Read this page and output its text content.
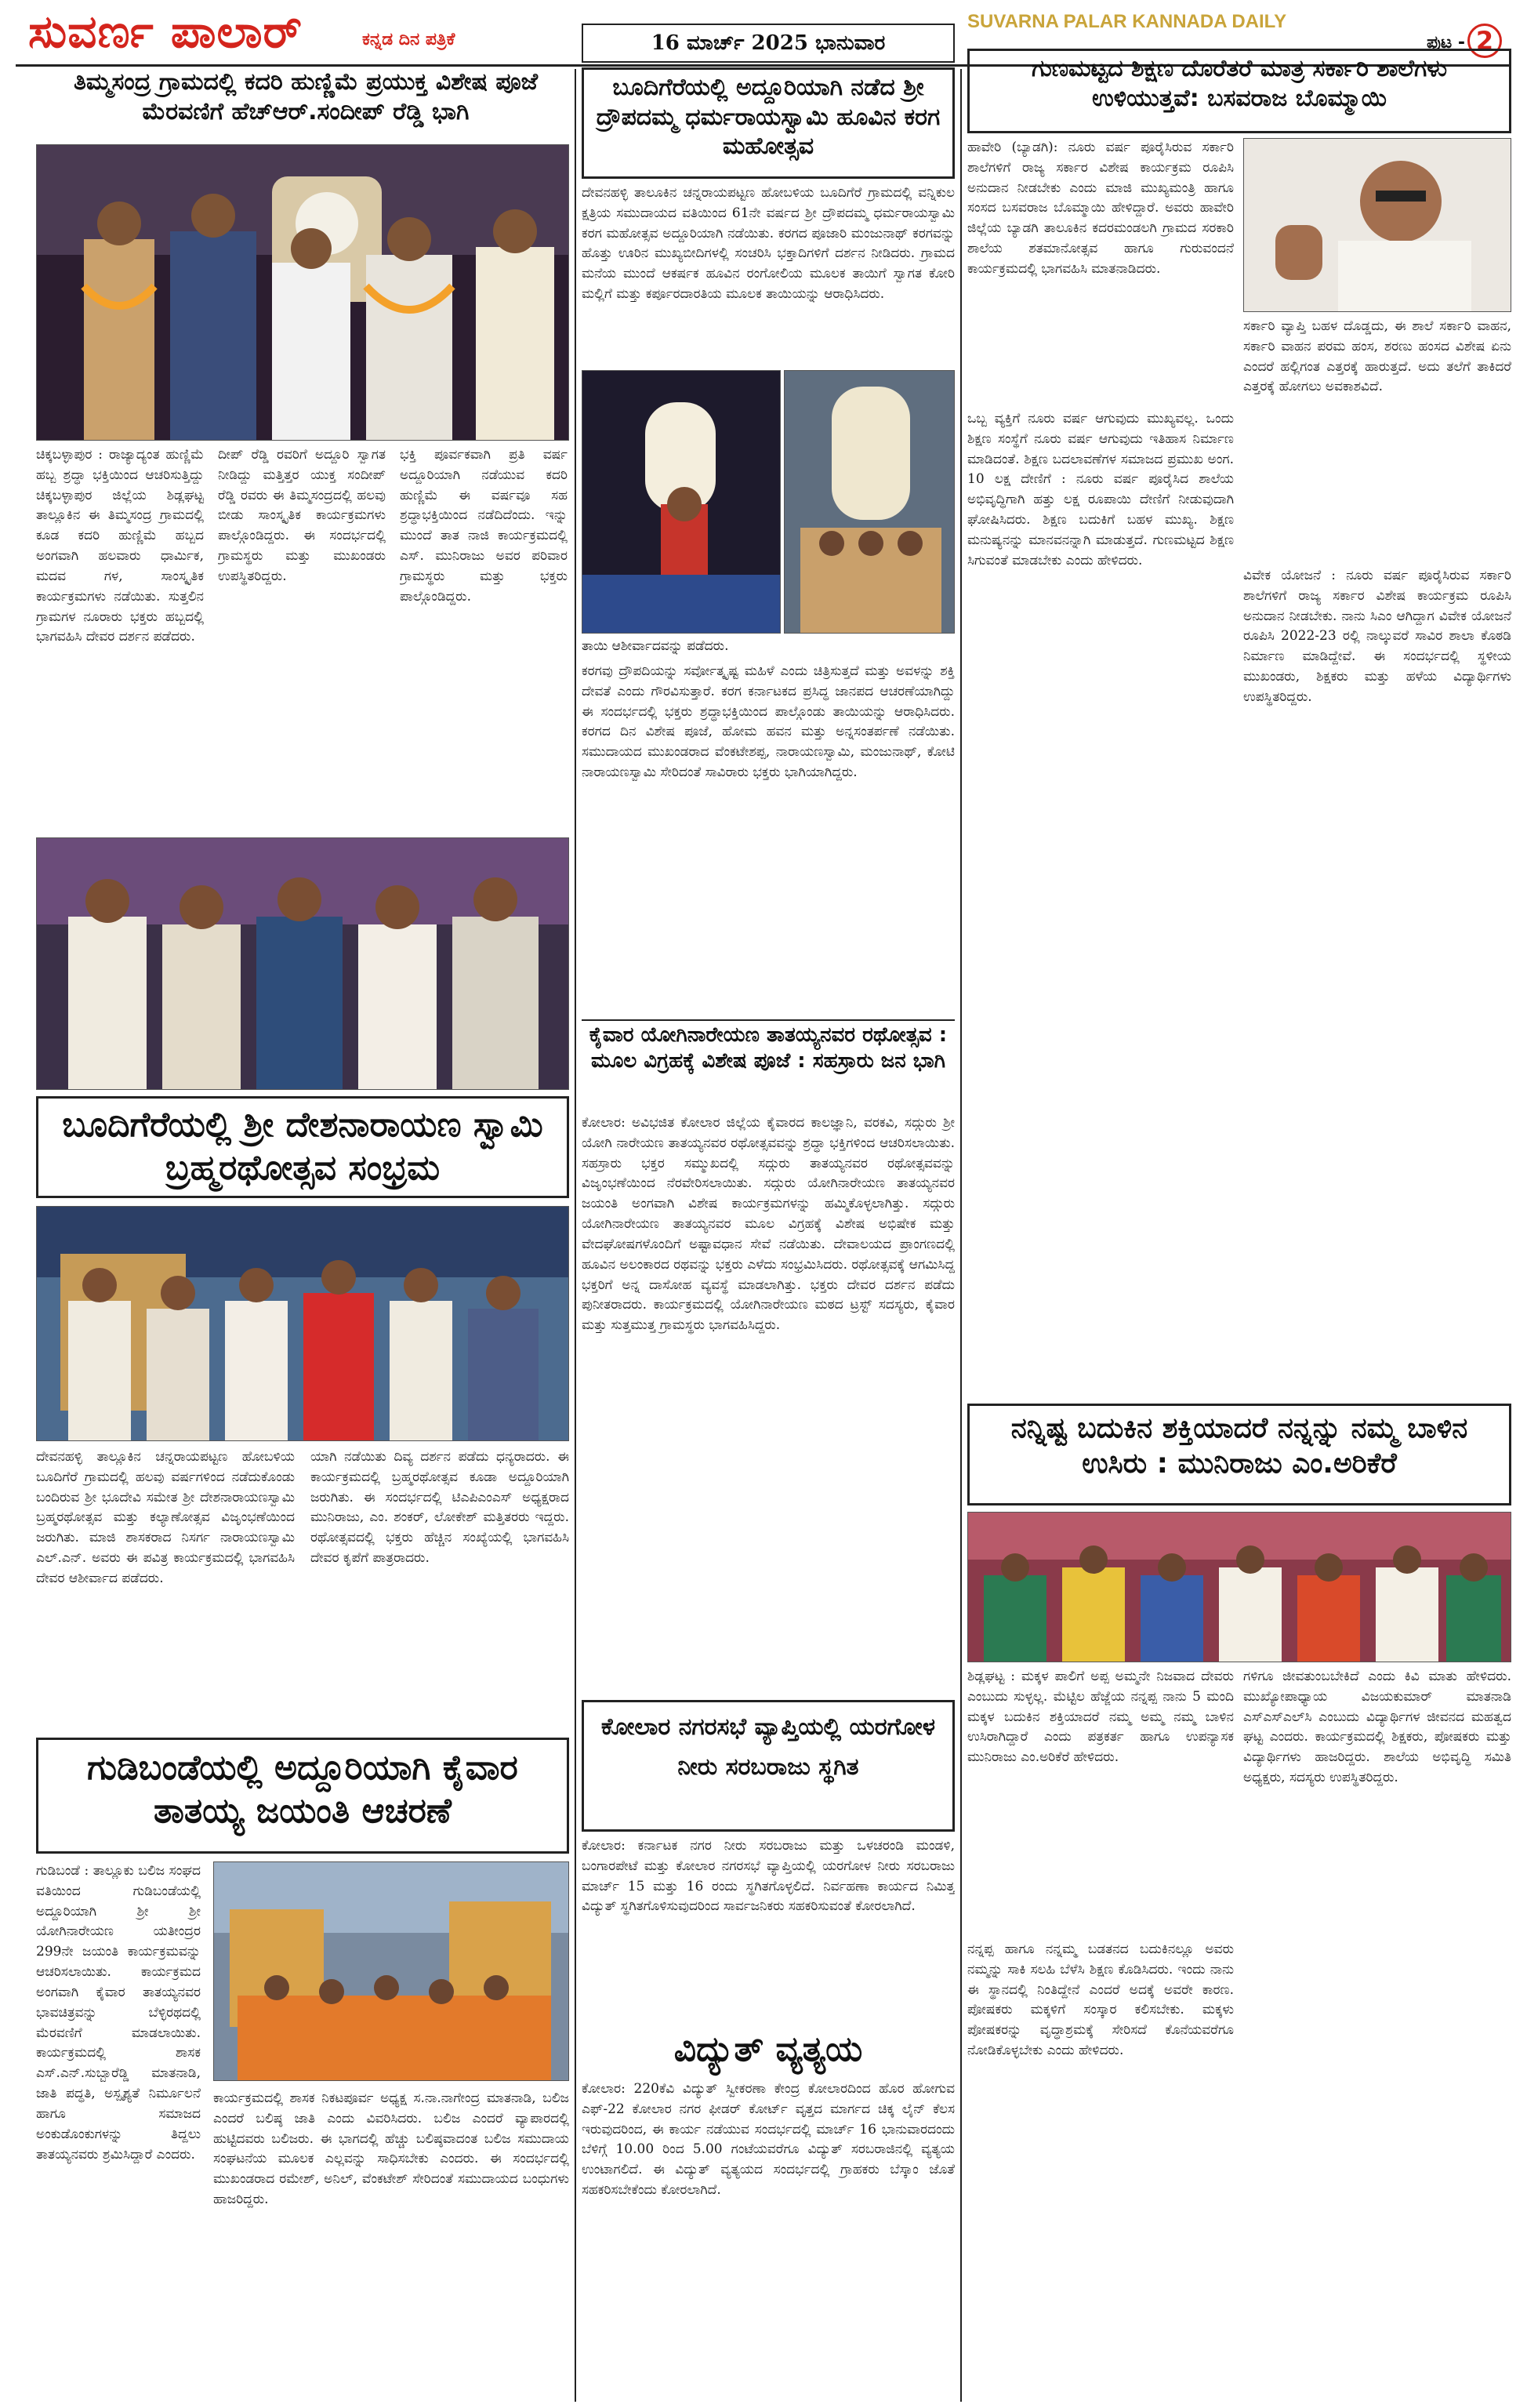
ಸುವರ್ಣ ಪಾಲಾರ್	ಕನ್ನಡ ದಿನ ಪತ್ರಿಕೆ	16 ಮಾರ್ಚ್ 2025 ಭಾನುವಾರ
SUVARNA PALAR KANNADA DAILY
ಪುಟ - 2
ತಿಮ್ಮಸಂದ್ರ ಗ್ರಾಮದಲ್ಲಿ ಕದರಿ ಹುಣ್ಣಿಮೆ ಪ್ರಯುಕ್ತ ವಿಶೇಷ ಪೂಜೆ ಮೆರವಣಿಗೆ ಹೆಚ್‌ಆರ್.ಸಂದೀಪ್ ರೆಡ್ಡಿ ಭಾಗಿ
ಚಿಕ್ಕಬಳ್ಳಾಪುರ : ರಾಜ್ಯಾದ್ಯಂತ ಹುಣ್ಣಿಮೆ ಹಬ್ಬ ಶ್ರದ್ಧಾ ಭಕ್ತಿಯಿಂದ ಆಚರಿಸುತ್ತಿದ್ದು ಚಿಕ್ಕಬಳ್ಳಾಪುರ ಜಿಲ್ಲೆಯ ಶಿಡ್ಲಘಟ್ಟ ತಾಲ್ಲೂಕಿನ ಈ ತಿಮ್ಮಸಂದ್ರ ಗ್ರಾಮದಲ್ಲಿ ಕೂಡ ಕದರಿ ಹುಣ್ಣಿಮೆ ಹಬ್ಬದ ಅಂಗವಾಗಿ ಹಲವಾರು ಧಾರ್ಮಿಕ, ಮದವ ಗಳ, ಸಾಂಸ್ಕೃತಿಕ ಕಾರ್ಯಕ್ರಮಗಳು ನಡೆಯಿತು. ಸುತ್ತಲಿನ ಗ್ರಾಮಗಳ ನೂರಾರು ಭಕ್ತರು ಹಬ್ಬದಲ್ಲಿ ಭಾಗವಹಿಸಿ ದೇವರ ದರ್ಶನ ಪಡೆದರು.
ದೀಪ್ ರೆಡ್ಡಿ ರವರಿಗೆ ಅದ್ದೂರಿ ಸ್ವಾಗತ ನೀಡಿದ್ದು ಮತ್ತಿತ್ತರ ಯುಕ್ತ ಸಂದೀಪ್ ರೆಡ್ಡಿ ರವರು ಈ ತಿಮ್ಮಸಂದ್ರದಲ್ಲಿ ಹಲವು ಬೀಡು ಸಾಂಸ್ಕೃತಿಕ ಕಾರ್ಯಕ್ರಮಗಳು ಪಾಲ್ಗೊಂಡಿದ್ದರು. ಈ ಸಂದರ್ಭದಲ್ಲಿ ಗ್ರಾಮಸ್ಥರು ಮತ್ತು ಮುಖಂಡರು ಉಪಸ್ಥಿತರಿದ್ದರು.
ಭಕ್ತಿ ಪೂರ್ವಕವಾಗಿ ಪ್ರತಿ ವರ್ಷ ಅದ್ದೂರಿಯಾಗಿ ನಡೆಯುವ ಕದರಿ ಹುಣ್ಣಿಮೆ ಈ ವರ್ಷವೂ ಸಹ ಶ್ರದ್ಧಾಭಕ್ತಿಯಿಂದ ನಡೆದಿದೆಂದು. ಇನ್ನು ಮುಂದೆ ತಾತ ನಾಜಿ ಕಾರ್ಯಕ್ರಮದಲ್ಲಿ ಎಸ್. ಮುನಿರಾಜು ಅವರ ಪರಿವಾರ ಗ್ರಾಮಸ್ಥರು ಮತ್ತು ಭಕ್ತರು ಪಾಲ್ಗೊಂಡಿದ್ದರು.
ಬೂದಿಗೆರೆಯಲ್ಲಿ ಶ್ರೀ ದೇಶನಾರಾಯಣ ಸ್ವಾಮಿ ಬ್ರಹ್ಮರಥೋತ್ಸವ ಸಂಭ್ರಮ
ದೇವನಹಳ್ಳಿ ತಾಲ್ಲೂಕಿನ ಚನ್ನರಾಯಪಟ್ಟಣ ಹೋಬಳಿಯ ಬೂದಿಗೆರೆ ಗ್ರಾಮದಲ್ಲಿ ಹಲವು ವರ್ಷಗಳಿಂದ ನಡೆದುಕೊಂಡು ಬಂದಿರುವ ಶ್ರೀ ಭೂದೇವಿ ಸಮೇತ ಶ್ರೀ ದೇಶನಾರಾಯಣಸ್ವಾಮಿ ಬ್ರಹ್ಮರಥೋತ್ಸವ ಮತ್ತು ಕಲ್ಯಾಣೋತ್ಸವ ವಿಜೃಂಭಣೆಯಿಂದ ಜರುಗಿತು. ಮಾಜಿ ಶಾಸಕರಾದ ನಿಸರ್ಗ ನಾರಾಯಣಸ್ವಾಮಿ ಎಲ್.ಎನ್. ಅವರು ಈ ಪವಿತ್ರ ಕಾರ್ಯಕ್ರಮದಲ್ಲಿ ಭಾಗವಹಿಸಿ ದೇವರ ಆಶೀರ್ವಾದ ಪಡೆದರು.
ಯಾಗಿ ನಡೆಯಿತು ದಿವ್ಯ ದರ್ಶನ ಪಡೆದು ಧನ್ಯರಾದರು. ಈ ಕಾರ್ಯಕ್ರಮದಲ್ಲಿ ಬ್ರಹ್ಮರಥೋತ್ಸವ ಕೂಡಾ ಅದ್ದೂರಿಯಾಗಿ ಜರುಗಿತು. ಈ ಸಂದರ್ಭದಲ್ಲಿ ಟಿಎಪಿಎಂಎಸ್ ಅಧ್ಯಕ್ಷರಾದ ಮುನಿರಾಜು, ಎಂ. ಶಂಕರ್, ಲೋಕೇಶ್ ಮತ್ತಿತರರು ಇದ್ದರು. ರಥೋತ್ಸವದಲ್ಲಿ ಭಕ್ತರು ಹೆಚ್ಚಿನ ಸಂಖ್ಯೆಯಲ್ಲಿ ಭಾಗವಹಿಸಿ ದೇವರ ಕೃಪೆಗೆ ಪಾತ್ರರಾದರು.
ಗುಡಿಬಂಡೆಯಲ್ಲಿ ಅದ್ದೂರಿಯಾಗಿ ಕೈವಾರ ತಾತಯ್ಯ ಜಯಂತಿ ಆಚರಣೆ
ಗುಡಿಬಂಡೆ : ತಾಲ್ಲೂಕು ಬಲಿಜ ಸಂಘದ ವತಿಯಿಂದ ಗುಡಿಬಂಡೆಯಲ್ಲಿ ಅದ್ದೂರಿಯಾಗಿ ಶ್ರೀ ಶ್ರೀ ಯೋಗಿನಾರೇಯಣ ಯತೀಂದ್ರರ 299ನೇ ಜಯಂತಿ ಕಾರ್ಯಕ್ರಮವನ್ನು ಆಚರಿಸಲಾಯಿತು. ಕಾರ್ಯಕ್ರಮದ ಅಂಗವಾಗಿ ಕೈವಾರ ತಾತಯ್ಯನವರ ಭಾವಚಿತ್ರವನ್ನು ಬೆಳ್ಳಿರಥದಲ್ಲಿ ಮೆರವಣಿಗೆ ಮಾಡಲಾಯಿತು. ಕಾರ್ಯಕ್ರಮದಲ್ಲಿ ಶಾಸಕ ಎಸ್.ಎನ್.ಸುಬ್ಬಾರೆಡ್ಡಿ ಮಾತನಾಡಿ, ಜಾತಿ ಪದ್ಧತಿ, ಅಸ್ಪೃಶ್ಯತೆ ನಿರ್ಮೂಲನೆ ಹಾಗೂ ಸಮಾಜದ ಅಂಕುಡೊಂಕುಗಳನ್ನು ತಿದ್ದಲು ತಾತಯ್ಯನವರು ಶ್ರಮಿಸಿದ್ದಾರೆ ಎಂದರು.
ಕಾರ್ಯಕ್ರಮದಲ್ಲಿ ಶಾಸಕ ನಿಕಟಪೂರ್ವ ಅಧ್ಯಕ್ಷ ಸ.ನಾ.ನಾಗೇಂದ್ರ ಮಾತನಾಡಿ, ಬಲಿಜ ಎಂದರೆ ಬಲಿಷ್ಠ ಜಾತಿ ಎಂದು ವಿವರಿಸಿದರು. ಬಲಿಜ ಎಂದರೆ ವ್ಯಾಪಾರದಲ್ಲಿ ಹುಟ್ಟಿದವರು ಬಲಿಜರು. ಈ ಭಾಗದಲ್ಲಿ ಹೆಚ್ಚು ಬಲಿಷ್ಠವಾದಂತ ಬಲಿಜ ಸಮುದಾಯ ಸಂಘಟನೆಯ ಮೂಲಕ ಎಲ್ಲವನ್ನು ಸಾಧಿಸಬೇಕು ಎಂದರು. ಈ ಸಂದರ್ಭದಲ್ಲಿ ಮುಖಂಡರಾದ ರಮೇಶ್, ಅನಿಲ್, ವೆಂಕಟೇಶ್ ಸೇರಿದಂತೆ ಸಮುದಾಯದ ಬಂಧುಗಳು ಹಾಜರಿದ್ದರು.
ಬೂದಿಗೆರೆಯಲ್ಲಿ ಅದ್ದೂರಿಯಾಗಿ ನಡೆದ ಶ್ರೀ ದ್ರೌಪದಮ್ಮ ಧರ್ಮರಾಯಸ್ವಾಮಿ ಹೂವಿನ ಕರಗ ಮಹೋತ್ಸವ
ದೇವನಹಳ್ಳಿ ತಾಲೂಕಿನ ಚನ್ನರಾಯಪಟ್ಟಣ ಹೋಬಳಿಯ ಬೂದಿಗೆರೆ ಗ್ರಾಮದಲ್ಲಿ ವನ್ನಿಕುಲ ಕ್ಷತ್ರಿಯ ಸಮುದಾಯದ ವತಿಯಿಂದ 61ನೇ ವರ್ಷದ ಶ್ರೀ ದ್ರೌಪದಮ್ಮ ಧರ್ಮರಾಯಸ್ವಾಮಿ ಕರಗ ಮಹೋತ್ಸವ ಅದ್ದೂರಿಯಾಗಿ ನಡೆಯಿತು. ಕರಗದ ಪೂಜಾರಿ ಮಂಜುನಾಥ್ ಕರಗವನ್ನು ಹೊತ್ತು ಊರಿನ ಮುಖ್ಯಬೀದಿಗಳಲ್ಲಿ ಸಂಚರಿಸಿ ಭಕ್ತಾದಿಗಳಿಗೆ ದರ್ಶನ ನೀಡಿದರು. ಗ್ರಾಮದ ಮನೆಯ ಮುಂದೆ ಆಕರ್ಷಕ ಹೂವಿನ ರಂಗೋಲಿಯ ಮೂಲಕ ತಾಯಿಗೆ ಸ್ವಾಗತ ಕೋರಿ ಮಲ್ಲಿಗೆ ಮತ್ತು ಕರ್ಪೂರದಾರತಿಯ ಮೂಲಕ ತಾಯಿಯನ್ನು ಆರಾಧಿಸಿದರು.
ತಾಯಿ ಆಶೀರ್ವಾದವನ್ನು ಪಡೆದರು.
ಕರಗವು ದ್ರೌಪದಿಯನ್ನು ಸರ್ವೋತ್ಕೃಷ್ಟ ಮಹಿಳೆ ಎಂದು ಚಿತ್ರಿಸುತ್ತದೆ ಮತ್ತು ಅವಳನ್ನು ಶಕ್ತಿ ದೇವತೆ ಎಂದು ಗೌರವಿಸುತ್ತಾರೆ. ಕರಗ ಕರ್ನಾಟಕದ ಪ್ರಸಿದ್ಧ ಜಾನಪದ ಆಚರಣೆಯಾಗಿದ್ದು ಈ ಸಂದರ್ಭದಲ್ಲಿ ಭಕ್ತರು ಶ್ರದ್ಧಾಭಕ್ತಿಯಿಂದ ಪಾಲ್ಗೊಂಡು ತಾಯಿಯನ್ನು ಆರಾಧಿಸಿದರು. ಕರಗದ ದಿನ ವಿಶೇಷ ಪೂಜೆ, ಹೋಮ ಹವನ ಮತ್ತು ಅನ್ನಸಂತರ್ಪಣೆ ನಡೆಯಿತು. ಸಮುದಾಯದ ಮುಖಂಡರಾದ ವೆಂಕಟೇಶಪ್ಪ, ನಾರಾಯಣಸ್ವಾಮಿ, ಮಂಜುನಾಥ್, ಕೋಟಿ ನಾರಾಯಣಸ್ವಾಮಿ ಸೇರಿದಂತೆ ಸಾವಿರಾರು ಭಕ್ತರು ಭಾಗಿಯಾಗಿದ್ದರು.
ಕೈವಾರ ಯೋಗಿನಾರೇಯಣ ತಾತಯ್ಯನವರ ರಥೋತ್ಸವ : ಮೂಲ ವಿಗ್ರಹಕ್ಕೆ ವಿಶೇಷ ಪೂಜೆ : ಸಹಸ್ರಾರು ಜನ ಭಾಗಿ
ಕೋಲಾರ: ಅವಿಭಜಿತ ಕೋಲಾರ ಜಿಲ್ಲೆಯ ಕೈವಾರದ ಕಾಲಜ್ಞಾನಿ, ವರಕವಿ, ಸದ್ಗುರು ಶ್ರೀ ಯೋಗಿ ನಾರೇಯಣ ತಾತಯ್ಯನವರ ರಥೋತ್ಸವವನ್ನು ಶ್ರದ್ಧಾ ಭಕ್ತಿಗಳಿಂದ ಆಚರಿಸಲಾಯಿತು. ಸಹಸ್ರಾರು ಭಕ್ತರ ಸಮ್ಮುಖದಲ್ಲಿ ಸದ್ಗುರು ತಾತಯ್ಯನವರ ರಥೋತ್ಸವವನ್ನು ವಿಜೃಂಭಣೆಯಿಂದ ನೆರವೇರಿಸಲಾಯಿತು. ಸದ್ಗುರು ಯೋಗಿನಾರೇಯಣ ತಾತಯ್ಯನವರ ಜಯಂತಿ ಅಂಗವಾಗಿ ವಿಶೇಷ ಕಾರ್ಯಕ್ರಮಗಳನ್ನು ಹಮ್ಮಿಕೊಳ್ಳಲಾಗಿತ್ತು. ಸದ್ಗುರು ಯೋಗಿನಾರೇಯಣ ತಾತಯ್ಯನವರ ಮೂಲ ವಿಗ್ರಹಕ್ಕೆ ವಿಶೇಷ ಅಭಿಷೇಕ ಮತ್ತು ವೇದಘೋಷಗಳೊಂದಿಗೆ ಅಷ್ಟಾವಧಾನ ಸೇವೆ ನಡೆಯಿತು. ದೇವಾಲಯದ ಪ್ರಾಂಗಣದಲ್ಲಿ ಹೂವಿನ ಅಲಂಕಾರದ ರಥವನ್ನು ಭಕ್ತರು ಎಳೆದು ಸಂಭ್ರಮಿಸಿದರು. ರಥೋತ್ಸವಕ್ಕೆ ಆಗಮಿಸಿದ್ದ ಭಕ್ತರಿಗೆ ಅನ್ನ ದಾಸೋಹ ವ್ಯವಸ್ಥೆ ಮಾಡಲಾಗಿತ್ತು. ಭಕ್ತರು ದೇವರ ದರ್ಶನ ಪಡೆದು ಪುನೀತರಾದರು. ಕಾರ್ಯಕ್ರಮದಲ್ಲಿ ಯೋಗಿನಾರೇಯಣ ಮಠದ ಟ್ರಸ್ಟ್ ಸದಸ್ಯರು, ಕೈವಾರ ಮತ್ತು ಸುತ್ತಮುತ್ತ ಗ್ರಾಮಸ್ಥರು ಭಾಗವಹಿಸಿದ್ದರು.
ಕೋಲಾರ ನಗರಸಭೆ ವ್ಯಾಪ್ತಿಯಲ್ಲಿ ಯರಗೋಳ ನೀರು ಸರಬರಾಜು ಸ್ಥಗಿತ
ಕೋಲಾರ: ಕರ್ನಾಟಕ ನಗರ ನೀರು ಸರಬರಾಜು ಮತ್ತು ಒಳಚರಂಡಿ ಮಂಡಳಿ, ಬಂಗಾರಪೇಟೆ ಮತ್ತು ಕೋಲಾರ ನಗರಸಭೆ ವ್ಯಾಪ್ತಿಯಲ್ಲಿ ಯರಗೋಳ ನೀರು ಸರಬರಾಜು ಮಾರ್ಚ್ 15 ಮತ್ತು 16 ರಂದು ಸ್ಥಗಿತಗೊಳ್ಳಲಿದೆ. ನಿರ್ವಹಣಾ ಕಾರ್ಯದ ನಿಮಿತ್ತ ವಿದ್ಯುತ್ ಸ್ಥಗಿತಗೊಳಿಸುವುದರಿಂದ ಸಾರ್ವಜನಿಕರು ಸಹಕರಿಸುವಂತೆ ಕೋರಲಾಗಿದೆ.
ವಿದ್ಯುತ್ ವ್ಯತ್ಯಯ
ಕೋಲಾರ: 220ಕೆವಿ ವಿದ್ಯುತ್ ಸ್ವೀಕರಣಾ ಕೇಂದ್ರ ಕೋಲಾರದಿಂದ ಹೊರ ಹೋಗುವ ಎಫ್-22 ಕೋಲಾರ ನಗರ ಫೀಡರ್ ಕೋರ್ಟ್ ವೃತ್ತದ ಮಾರ್ಗದ ಚಿಕ್ಕ ಲೈನ್ ಕೆಲಸ ಇರುವುದರಿಂದ, ಈ ಕಾರ್ಯ ನಡೆಯುವ ಸಂದರ್ಭದಲ್ಲಿ ಮಾರ್ಚ್ 16 ಭಾನುವಾರದಂದು ಬೆಳಿಗ್ಗೆ 10.00 ರಿಂದ 5.00 ಗಂಟೆಯವರೆಗೂ ವಿದ್ಯುತ್ ಸರಬರಾಜಿನಲ್ಲಿ ವ್ಯತ್ಯಯ ಉಂಟಾಗಲಿದೆ. ಈ ವಿದ್ಯುತ್ ವ್ಯತ್ಯಯದ ಸಂದರ್ಭದಲ್ಲಿ ಗ್ರಾಹಕರು ಬೆಸ್ಕಾಂ ಜೊತೆ ಸಹಕರಿಸಬೇಕೆಂದು ಕೋರಲಾಗಿದೆ.
ಗುಣಮಟ್ಟದ ಶಿಕ್ಷಣ ದೊರೆತರೆ ಮಾತ್ರ ಸರ್ಕಾರಿ ಶಾಲೆಗಳು ಉಳಿಯುತ್ತವೆ: ಬಸವರಾಜ ಬೊಮ್ಮಾಯಿ
ಹಾವೇರಿ (ಬ್ಯಾಡಗಿ): ನೂರು ವರ್ಷ ಪೂರೈಸಿರುವ ಸರ್ಕಾರಿ ಶಾಲೆಗಳಿಗೆ ರಾಜ್ಯ ಸರ್ಕಾರ ವಿಶೇಷ ಕಾರ್ಯಕ್ರಮ ರೂಪಿಸಿ ಅನುದಾನ ನೀಡಬೇಕು ಎಂದು ಮಾಜಿ ಮುಖ್ಯಮಂತ್ರಿ ಹಾಗೂ ಸಂಸದ ಬಸವರಾಜ ಬೊಮ್ಮಾಯಿ ಹೇಳಿದ್ದಾರೆ. ಅವರು ಹಾವೇರಿ ಜಿಲ್ಲೆಯ ಬ್ಯಾಡಗಿ ತಾಲೂಕಿನ ಕದರಮಂಡಲಗಿ ಗ್ರಾಮದ ಸರಕಾರಿ ಶಾಲೆಯ ಶತಮಾನೋತ್ಸವ ಹಾಗೂ ಗುರುವಂದನೆ ಕಾರ್ಯಕ್ರಮದಲ್ಲಿ ಭಾಗವಹಿಸಿ ಮಾತನಾಡಿದರು.
ಸರ್ಕಾರಿ ವ್ಯಾಪ್ತಿ ಬಹಳ ದೊಡ್ಡದು, ಈ ಶಾಲೆ ಸರ್ಕಾರಿ ವಾಹನ, ಸರ್ಕಾರಿ ವಾಹನ ಪರಮ ಹಂಸ, ಶರಣು ಹಂಸದ ವಿಶೇಷ ಏನು ಎಂದರೆ ಹಲ್ಲಿಗಂತ ಎತ್ತರಕ್ಕೆ ಹಾರುತ್ತದೆ. ಅದು ತಲೆಗೆ ತಾಕಿದರೆ ಎತ್ತರಕ್ಕೆ ಹೋಗಲು ಅವಕಾಶವಿದೆ.
ಒಬ್ಬ ವ್ಯಕ್ತಿಗೆ ನೂರು ವರ್ಷ ಆಗುವುದು ಮುಖ್ಯವಲ್ಲ. ಒಂದು ಶಿಕ್ಷಣ ಸಂಸ್ಥೆಗೆ ನೂರು ವರ್ಷ ಆಗುವುದು ಇತಿಹಾಸ ನಿರ್ಮಾಣ ಮಾಡಿದಂತೆ. ಶಿಕ್ಷಣ ಬದಲಾವಣೆಗಳ ಸಮಾಜದ ಪ್ರಮುಖ ಅಂಗ. 10 ಲಕ್ಷ ದೇಣಿಗೆ : ನೂರು ವರ್ಷ ಪೂರೈಸಿದ ಶಾಲೆಯ ಅಭಿವೃದ್ಧಿಗಾಗಿ ಹತ್ತು ಲಕ್ಷ ರೂಪಾಯಿ ದೇಣಿಗೆ ನೀಡುವುದಾಗಿ ಘೋಷಿಸಿದರು. ಶಿಕ್ಷಣ ಬದುಕಿಗೆ ಬಹಳ ಮುಖ್ಯ. ಶಿಕ್ಷಣ ಮನುಷ್ಯನನ್ನು ಮಾನವನನ್ನಾಗಿ ಮಾಡುತ್ತದೆ. ಗುಣಮಟ್ಟದ ಶಿಕ್ಷಣ ಸಿಗುವಂತೆ ಮಾಡಬೇಕು ಎಂದು ಹೇಳಿದರು.
ವಿವೇಕ ಯೋಜನೆ : ನೂರು ವರ್ಷ ಪೂರೈಸಿರುವ ಸರ್ಕಾರಿ ಶಾಲೆಗಳಿಗೆ ರಾಜ್ಯ ಸರ್ಕಾರ ವಿಶೇಷ ಕಾರ್ಯಕ್ರಮ ರೂಪಿಸಿ ಅನುದಾನ ನೀಡಬೇಕು. ನಾನು ಸಿಎಂ ಆಗಿದ್ದಾಗ ವಿವೇಕ ಯೋಜನೆ ರೂಪಿಸಿ 2022-23 ರಲ್ಲಿ ನಾಲ್ಕುವರೆ ಸಾವಿರ ಶಾಲಾ ಕೊಠಡಿ ನಿರ್ಮಾಣ ಮಾಡಿದ್ದೇವೆ. ಈ ಸಂದರ್ಭದಲ್ಲಿ ಸ್ಥಳೀಯ ಮುಖಂಡರು, ಶಿಕ್ಷಕರು ಮತ್ತು ಹಳೆಯ ವಿದ್ಯಾರ್ಥಿಗಳು ಉಪಸ್ಥಿತರಿದ್ದರು.
ನನ್ನಿಷ್ಟ ಬದುಕಿನ ಶಕ್ತಿಯಾದರೆ ನನ್ನನ್ನು ನಮ್ಮ ಬಾಳಿನ ಉಸಿರು : ಮುನಿರಾಜು ಎಂ.ಅರಿಕೆರೆ
ಶಿಡ್ಲಘಟ್ಟ : ಮಕ್ಕಳ ಪಾಲಿಗೆ ಅಪ್ಪ ಅಮ್ಮನೇ ನಿಜವಾದ ದೇವರು ಎಂಬುದು ಸುಳ್ಳಲ್ಲ. ಮೆಟ್ಟಿಲ ಹೆಜ್ಜೆಯ ನನ್ನಪ್ಪ ನಾನು 5 ಮಂದಿ ಮಕ್ಕಳ ಬದುಕಿನ ಶಕ್ತಿಯಾದರೆ ನಮ್ಮ ಅಮ್ಮ ನಮ್ಮ ಬಾಳಿನ ಉಸಿರಾಗಿದ್ದಾರೆ ಎಂದು ಪತ್ರಕರ್ತ ಹಾಗೂ ಉಪನ್ಯಾಸಕ ಮುನಿರಾಜು ಎಂ.ಅರಿಕೆರೆ ಹೇಳಿದರು.
ನನ್ನಪ್ಪ ಹಾಗೂ ನನ್ನಮ್ಮ ಬಡತನದ ಬದುಕಿನಲ್ಲೂ ಅವರು ನಮ್ಮನ್ನು ಸಾಕಿ ಸಲಹಿ ಬೆಳೆಸಿ ಶಿಕ್ಷಣ ಕೊಡಿಸಿದರು. ಇಂದು ನಾನು ಈ ಸ್ಥಾನದಲ್ಲಿ ನಿಂತಿದ್ದೇನೆ ಎಂದರೆ ಅದಕ್ಕೆ ಅವರೇ ಕಾರಣ. ಪೋಷಕರು ಮಕ್ಕಳಿಗೆ ಸಂಸ್ಕಾರ ಕಲಿಸಬೇಕು. ಮಕ್ಕಳು ಪೋಷಕರನ್ನು ವೃದ್ಧಾಶ್ರಮಕ್ಕೆ ಸೇರಿಸದೆ ಕೊನೆಯವರೆಗೂ ನೋಡಿಕೊಳ್ಳಬೇಕು ಎಂದು ಹೇಳಿದರು.
ಗಳಿಗೂ ಜೀವತುಂಬಬೇಕಿದೆ ಎಂದು ಕಿವಿ ಮಾತು ಹೇಳಿದರು. ಮುಖ್ಯೋಪಾಧ್ಯಾಯ ವಿಜಯಕುಮಾರ್ ಮಾತನಾಡಿ ಎಸ್ಎಸ್ಎಲ್‌ಸಿ ಎಂಬುದು ವಿದ್ಯಾರ್ಥಿಗಳ ಜೀವನದ ಮಹತ್ವದ ಘಟ್ಟ ಎಂದರು. ಕಾರ್ಯಕ್ರಮದಲ್ಲಿ ಶಿಕ್ಷಕರು, ಪೋಷಕರು ಮತ್ತು ವಿದ್ಯಾರ್ಥಿಗಳು ಹಾಜರಿದ್ದರು. ಶಾಲೆಯ ಅಭಿವೃದ್ಧಿ ಸಮಿತಿ ಅಧ್ಯಕ್ಷರು, ಸದಸ್ಯರು ಉಪಸ್ಥಿತರಿದ್ದರು.
